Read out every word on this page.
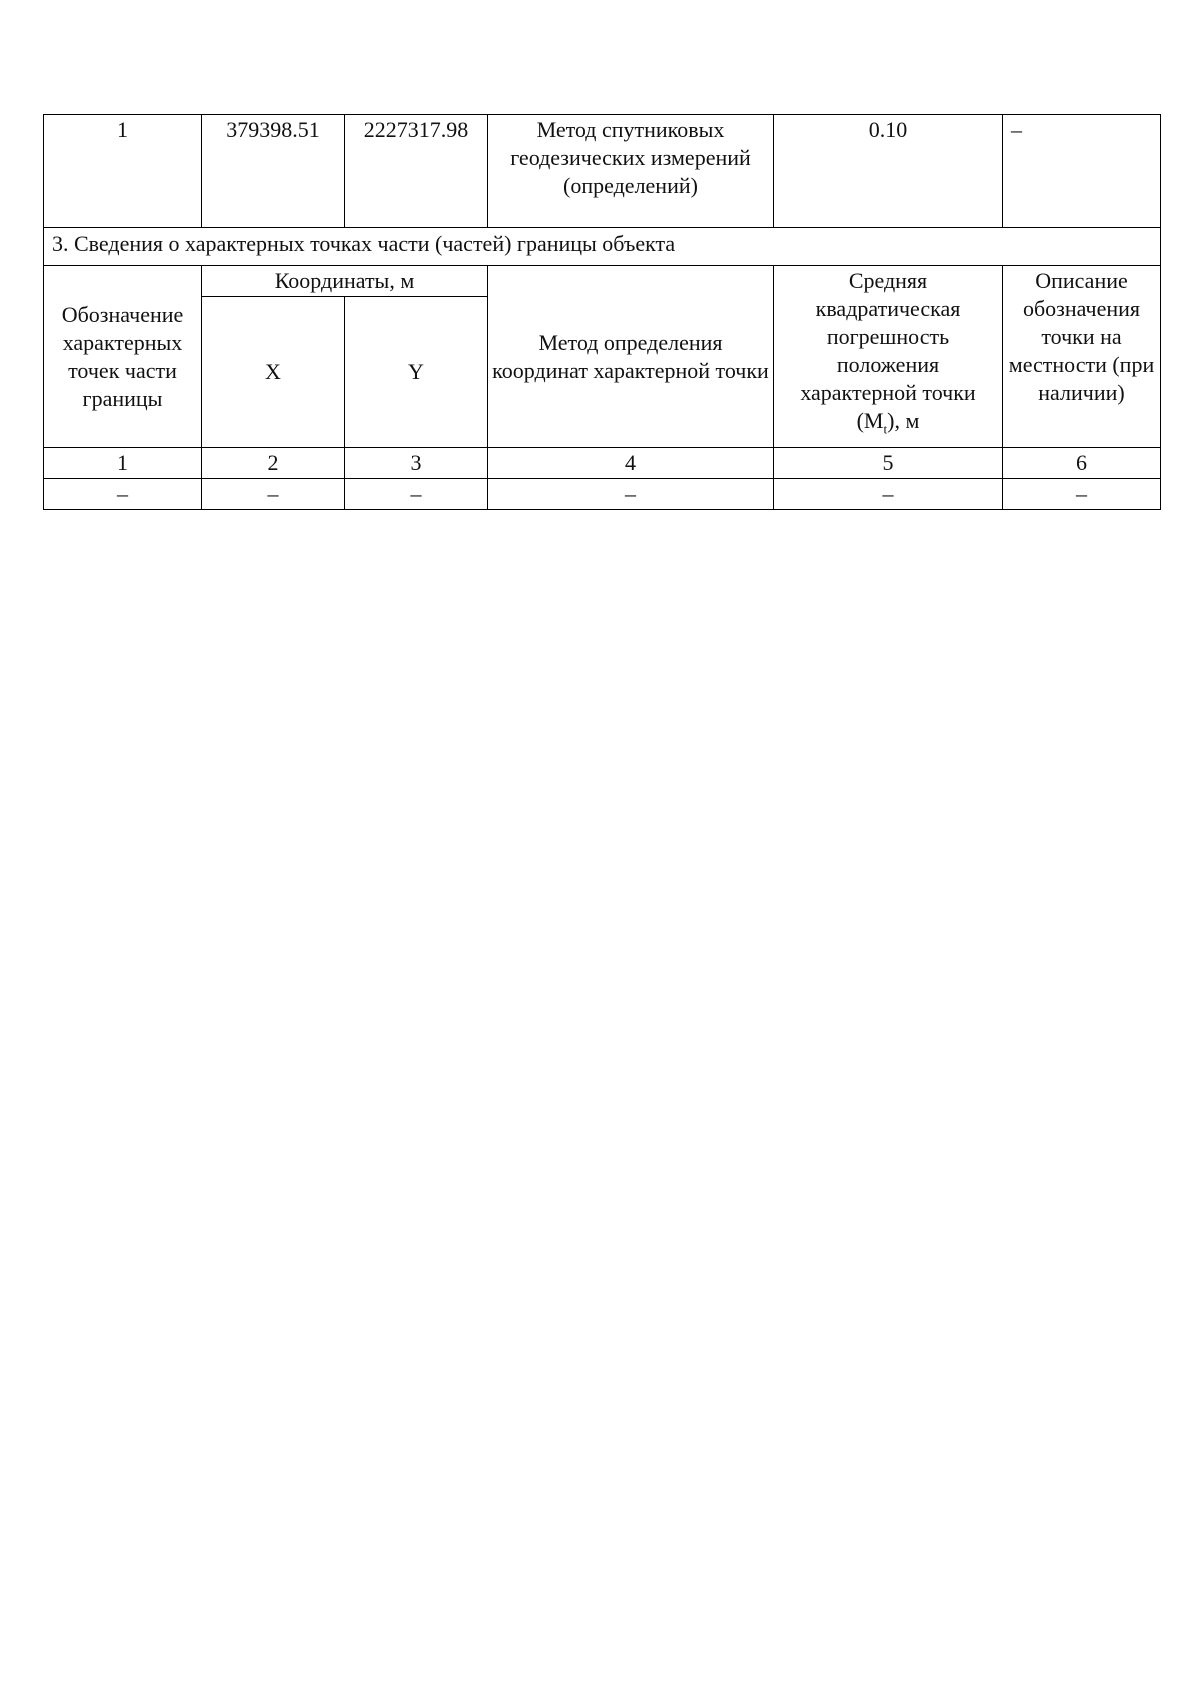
1	379398.51	2227317.98	Метод спутниковых геодезических измерений (определений)	0.10	–
3. Сведения о характерных точках части (частей) границы объекта					
Обозначение характерных точек части границы	Координаты, м		Метод определения координат характерной точки	Средняя квадратическая погрешность положения характерной точки $(M_t)$, м	Описание обозначения точки на местности (при наличии)
	X	Y			
1	2	3	4	5	6
–	–	–	–	–	–
